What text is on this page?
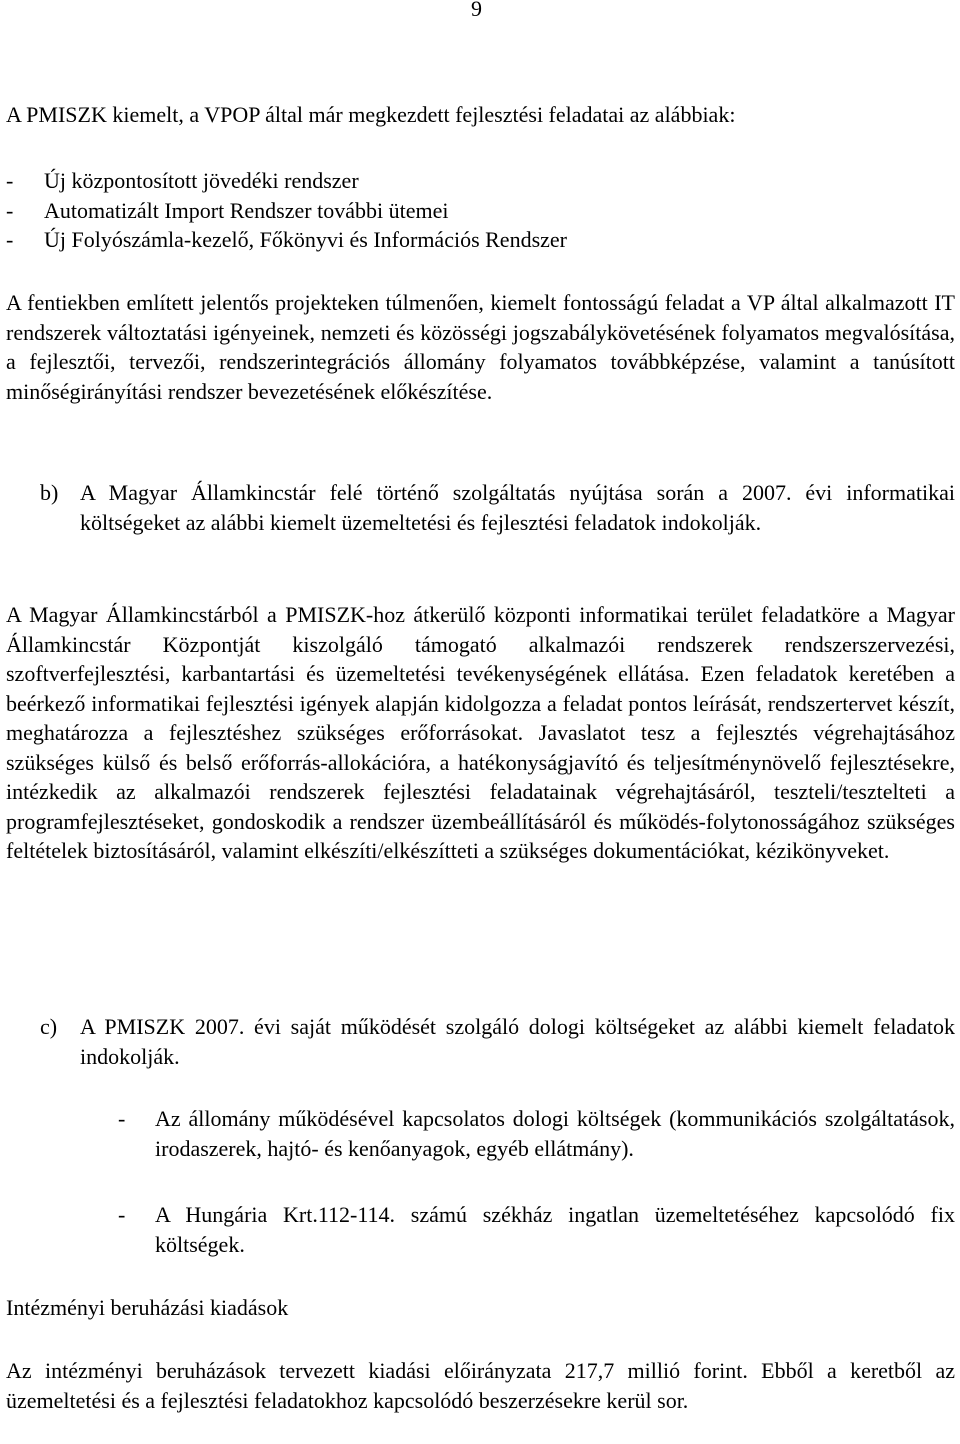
9

A PMISZK kiemelt, a VPOP által már megkezdett fejlesztési feladatai az alábbiak:

- Új központosított jövedéki rendszer
- Automatizált Import Rendszer további ütemei
- Új Folyószámla-kezelő, Főkönyvi és Információs Rendszer

A fentiekben említett jelentős projekteken túlmenően, kiemelt fontosságú feladat a VP által alkalmazott IT rendszerek változtatási igényeinek, nemzeti és közösségi jogszabálykövetésének folyamatos megvalósítása, a fejlesztői, tervezői, rendszerintegrációs állomány folyamatos továbbképzése, valamint a tanúsított minőségirányítási rendszer bevezetésének előkészítése.

b) A Magyar Államkincstár felé történő szolgáltatás nyújtása során a 2007. évi informatikai költségeket az alábbi kiemelt üzemeltetési és fejlesztési feladatok indokolják.

A Magyar Államkincstárból a PMISZK-hoz átkerülő központi informatikai terület feladatköre a Magyar Államkincstár Központját kiszolgáló támogató alkalmazói rendszerek rendszerszervezési, szoftverfejlesztési, karbantartási és üzemeltetési tevékenységének ellátása. Ezen feladatok keretében a beérkező informatikai fejlesztési igények alapján kidolgozza a feladat pontos leírását, rendszertervet készít, meghatározza a fejlesztéshez szükséges erőforrásokat. Javaslatot tesz a fejlesztés végrehajtásához szükséges külső és belső erőforrás-allokációra, a hatékonyságjavító és teljesítménynövelő fejlesztésekre, intézkedik az alkalmazói rendszerek fejlesztési feladatainak végrehajtásáról, teszteli/tesztelteti a programfejlesztéseket, gondoskodik a rendszer üzembeállításáról és működés-folytonosságához szükséges feltételek biztosításáról, valamint elkészíti/elkészítteti a szükséges dokumentációkat, kézikönyveket.

c) A PMISZK 2007. évi saját működését szolgáló dologi költségeket az alábbi kiemelt feladatok indokolják.
- Az állomány működésével kapcsolatos dologi költségek (kommunikációs szolgáltatások, irodaszerek, hajtó- és kenőanyagok, egyéb ellátmány).
- A Hungária Krt.112-114. számú székház ingatlan üzemeltetéséhez kapcsolódó fix költségek.

Intézményi beruházási kiadások

Az intézményi beruházások tervezett kiadási előirányzata 217,7 millió forint. Ebből a keretből az üzemeltetési és a fejlesztési feladatokhoz kapcsolódó beszerzésekre kerül sor.
